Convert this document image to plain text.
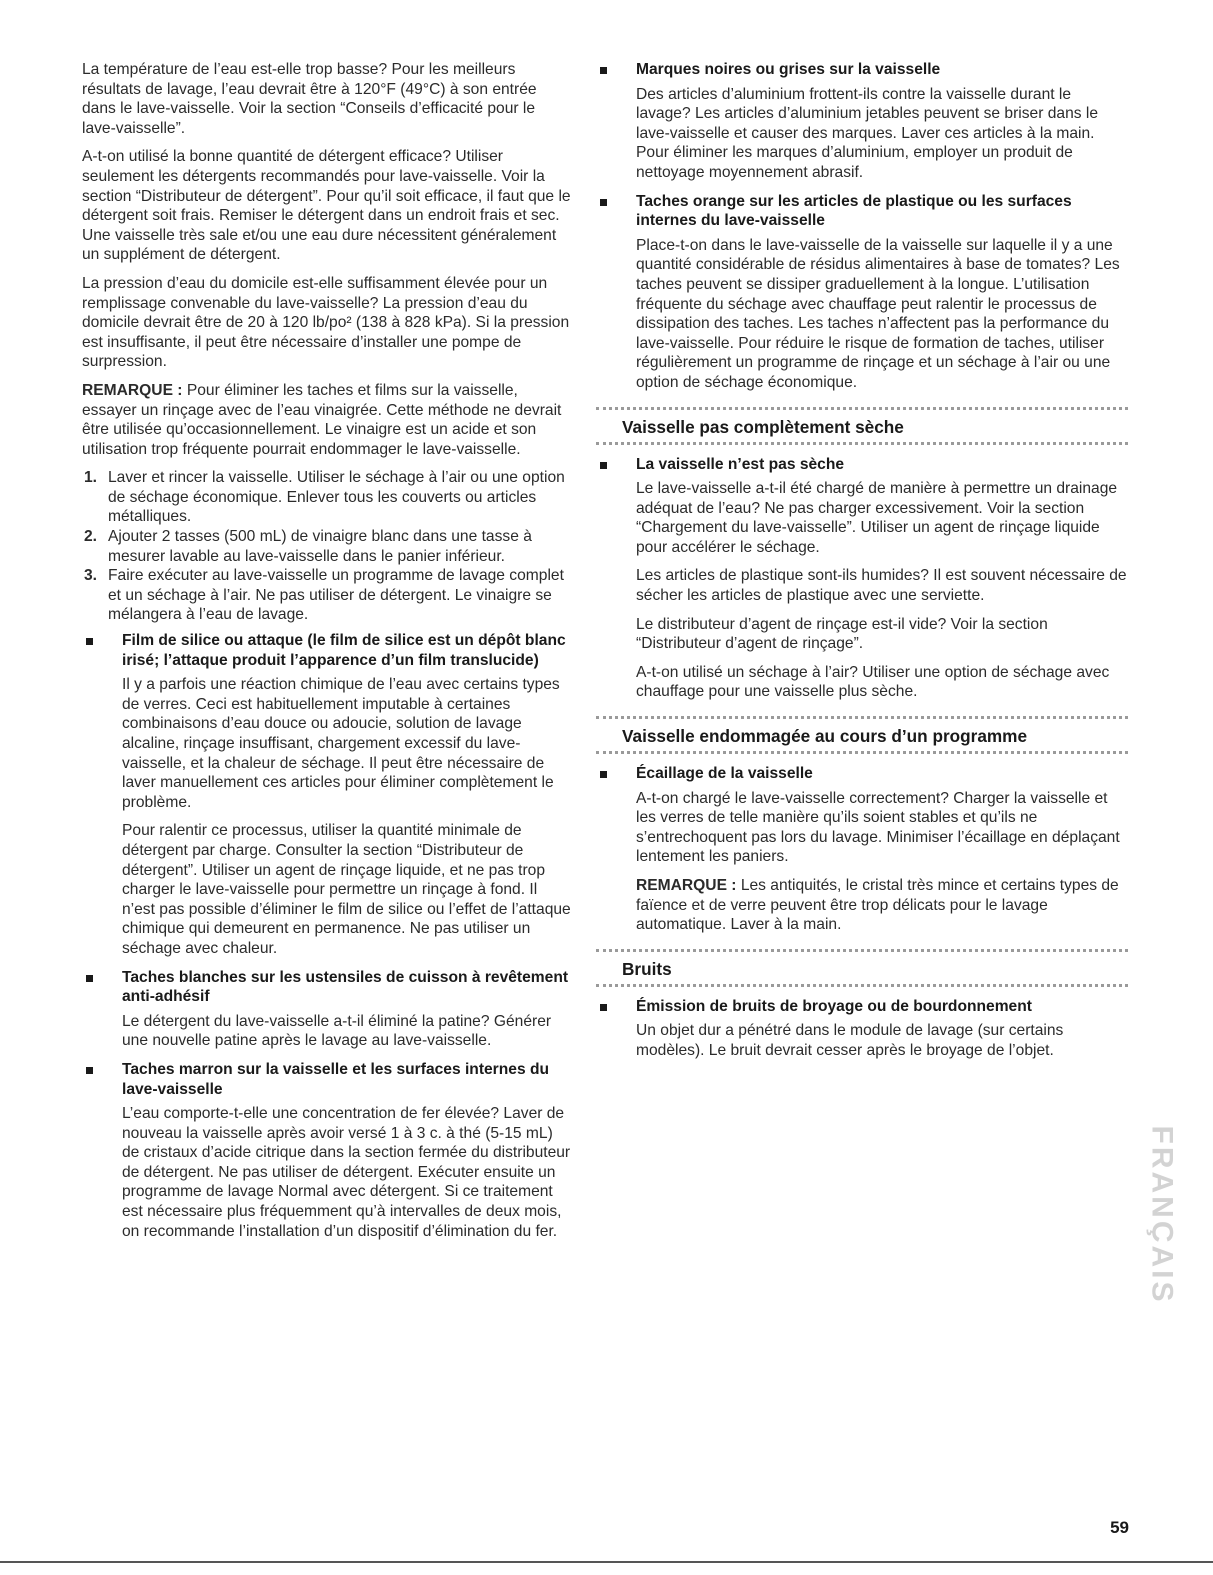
La température de l’eau est-elle trop basse? Pour les meilleurs résultats de lavage, l’eau devrait être à 120°F (49°C) à son entrée dans le lave-vaisselle. Voir la section “Conseils d’efficacité pour le lave-vaisselle”.

A-t-on utilisé la bonne quantité de détergent efficace? Utiliser seulement les détergents recommandés pour lave-vaisselle. Voir la section “Distributeur de détergent”. Pour qu’il soit efficace, il faut que le détergent soit frais. Remiser le détergent dans un endroit frais et sec. Une vaisselle très sale et/ou une eau dure nécessitent généralement un supplément de détergent.

La pression d’eau du domicile est-elle suffisamment élevée pour un remplissage convenable du lave-vaisselle? La pression d’eau du domicile devrait être de 20 à 120 lb/po² (138 à 828 kPa). Si la pression est insuffisante, il peut être nécessaire d’installer une pompe de surpression.

REMARQUE : Pour éliminer les taches et films sur la vaisselle, essayer un rinçage avec de l’eau vinaigrée. Cette méthode ne devrait être utilisée qu’occasionnellement. Le vinaigre est un acide et son utilisation trop fréquente pourrait endommager le lave-vaisselle.

1. Laver et rincer la vaisselle. Utiliser le séchage à l’air ou une option de séchage économique. Enlever tous les couverts ou articles métalliques.

2. Ajouter 2 tasses (500 mL) de vinaigre blanc dans une tasse à mesurer lavable au lave-vaisselle dans le panier inférieur.

3. Faire exécuter au lave-vaisselle un programme de lavage complet et un séchage à l’air. Ne pas utiliser de détergent. Le vinaigre se mélangera à l’eau de lavage.

Film de silice ou attaque (le film de silice est un dépôt blanc irisé; l’attaque produit l’apparence d’un film translucide)

Il y a parfois une réaction chimique de l’eau avec certains types de verres. Ceci est habituellement imputable à certaines combinaisons d’eau douce ou adoucie, solution de lavage alcaline, rinçage insuffisant, chargement excessif du lave-vaisselle, et la chaleur de séchage. Il peut être nécessaire de laver manuellement ces articles pour éliminer complètement le problème.

Pour ralentir ce processus, utiliser la quantité minimale de détergent par charge. Consulter la section “Distributeur de détergent”. Utiliser un agent de rinçage liquide, et ne pas trop charger le lave-vaisselle pour permettre un rinçage à fond. Il n’est pas possible d’éliminer le film de silice ou l’effet de l’attaque chimique qui demeurent en permanence. Ne pas utiliser un séchage avec chaleur.

Taches blanches sur les ustensiles de cuisson à revêtement anti-adhésif

Le détergent du lave-vaisselle a-t-il éliminé la patine? Générer une nouvelle patine après le lavage au lave-vaisselle.

Taches marron sur la vaisselle et les surfaces internes du lave-vaisselle

L’eau comporte-t-elle une concentration de fer élevée? Laver de nouveau la vaisselle après avoir versé 1 à 3 c. à thé (5-15 mL) de cristaux d’acide citrique dans la section fermée du distributeur de détergent. Ne pas utiliser de détergent. Exécuter ensuite un programme de lavage Normal avec détergent. Si ce traitement est nécessaire plus fréquemment qu’à intervalles de deux mois, on recommande l’installation d’un dispositif d’élimination du fer.

Marques noires ou grises sur la vaisselle

Des articles d’aluminium frottent-ils contre la vaisselle durant le lavage? Les articles d’aluminium jetables peuvent se briser dans le lave-vaisselle et causer des marques. Laver ces articles à la main. Pour éliminer les marques d’aluminium, employer un produit de nettoyage moyennement abrasif.

Taches orange sur les articles de plastique ou les surfaces internes du lave-vaisselle

Place-t-on dans le lave-vaisselle de la vaisselle sur laquelle il y a une quantité considérable de résidus alimentaires à base de tomates? Les taches peuvent se dissiper graduellement à la longue. L’utilisation fréquente du séchage avec chauffage peut ralentir le processus de dissipation des taches. Les taches n’affectent pas la performance du lave-vaisselle. Pour réduire le risque de formation de taches, utiliser régulièrement un programme de rinçage et un séchage à l’air ou une option de séchage économique.

Vaisselle pas complètement sèche
La vaisselle n’est pas sèche

Le lave-vaisselle a-t-il été chargé de manière à permettre un drainage adéquat de l’eau? Ne pas charger excessivement. Voir la section “Chargement du lave-vaisselle”. Utiliser un agent de rinçage liquide pour accélérer le séchage.

Les articles de plastique sont-ils humides? Il est souvent nécessaire de sécher les articles de plastique avec une serviette.

Le distributeur d’agent de rinçage est-il vide? Voir la section “Distributeur d’agent de rinçage”.

A-t-on utilisé un séchage à l’air? Utiliser une option de séchage avec chauffage pour une vaisselle plus sèche.

Vaisselle endommagée au cours d’un programme
Écaillage de la vaisselle

A-t-on chargé le lave-vaisselle correctement? Charger la vaisselle et les verres de telle manière qu’ils soient stables et qu’ils ne s’entrechoquent pas lors du lavage. Minimiser l’écaillage en déplaçant lentement les paniers.

REMARQUE : Les antiquités, le cristal très mince et certains types de faïence et de verre peuvent être trop délicats pour le lavage automatique. Laver à la main.

Bruits
Émission de bruits de broyage ou de bourdonnement

Un objet dur a pénétré dans le module de lavage (sur certains modèles). Le bruit devrait cesser après le broyage de l’objet.

FRANÇAIS
59
